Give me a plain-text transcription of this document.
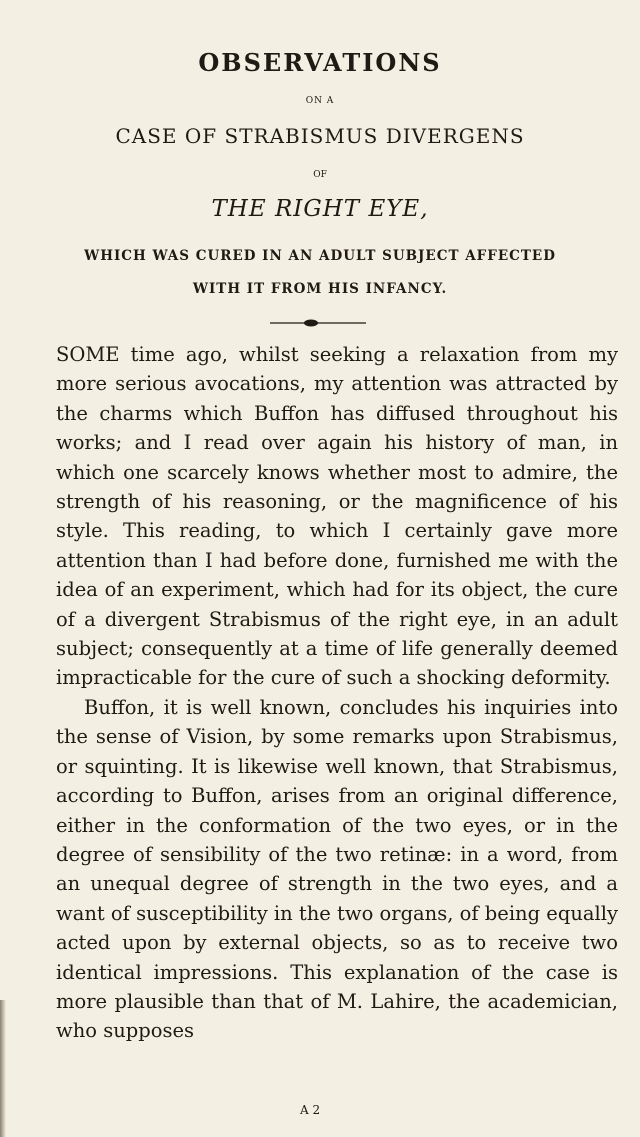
OBSERVATIONS
ON A
CASE OF STRABISMUS DIVERGENS
OF
THE RIGHT EYE,
WHICH WAS CURED IN AN ADULT SUBJECT AFFECTED
WITH IT FROM HIS INFANCY.

SOME time ago, whilst seeking a relaxation from my more serious avocations, my attention was attracted by the charms which Buffon has diffused throughout his works; and I read over again his history of man, in which one scarcely knows whether most to admire, the strength of his reasoning, or the magnificence of his style. This reading, to which I certainly gave more attention than I had before done, furnished me with the idea of an experiment, which had for its object, the cure of a divergent Strabismus of the right eye, in an adult subject; consequently at a time of life generally deemed impracticable for the cure of such a shocking deformity.

Buffon, it is well known, concludes his inquiries into the sense of Vision, by some remarks upon Strabismus, or squinting. It is likewise well known, that Strabismus, according to Buffon, arises from an original difference, either in the conformation of the two eyes, or in the degree of sensibility of the two retinæ: in a word, from an unequal degree of strength in the two eyes, and a want of susceptibility in the two organs, of being equally acted upon by external objects, so as to receive two identical impressions. This explanation of the case is more plausible than that of M. Lahire, the academician, who supposes

A 2
